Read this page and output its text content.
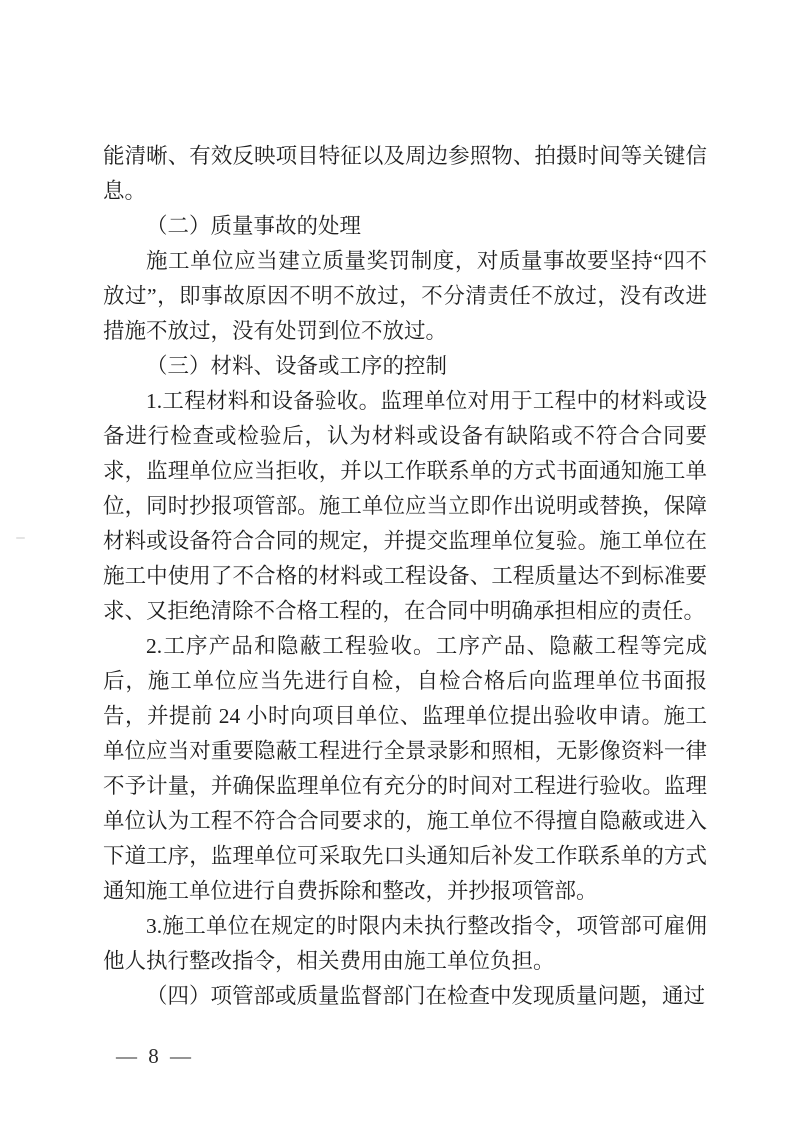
能清晰、有效反映项目特征以及周边参照物、拍摄时间等关键信息。

（二）质量事故的处理

施工单位应当建立质量奖罚制度，对质量事故要坚持“四不放过”，即事故原因不明不放过，不分清责任不放过，没有改进措施不放过，没有处罚到位不放过。

（三）材料、设备或工序的控制

1.工程材料和设备验收。监理单位对用于工程中的材料或设备进行检查或检验后，认为材料或设备有缺陷或不符合合同要求，监理单位应当拒收，并以工作联系单的方式书面通知施工单位，同时抄报项管部。施工单位应当立即作出说明或替换，保障材料或设备符合合同的规定，并提交监理单位复验。施工单位在施工中使用了不合格的材料或工程设备、工程质量达不到标准要求、又拒绝清除不合格工程的，在合同中明确承担相应的责任。

2.工序产品和隐蔽工程验收。工序产品、隐蔽工程等完成后，施工单位应当先进行自检，自检合格后向监理单位书面报告，并提前 24 小时向项目单位、监理单位提出验收申请。施工单位应当对重要隐蔽工程进行全景录影和照相，无影像资料一律不予计量，并确保监理单位有充分的时间对工程进行验收。监理单位认为工程不符合合同要求的，施工单位不得擅自隐蔽或进入下道工序，监理单位可采取先口头通知后补发工作联系单的方式通知施工单位进行自费拆除和整改，并抄报项管部。

3.施工单位在规定的时限内未执行整改指令，项管部可雇佣他人执行整改指令，相关费用由施工单位负担。

（四）项管部或质量监督部门在检查中发现质量问题，通过

— 8 —
